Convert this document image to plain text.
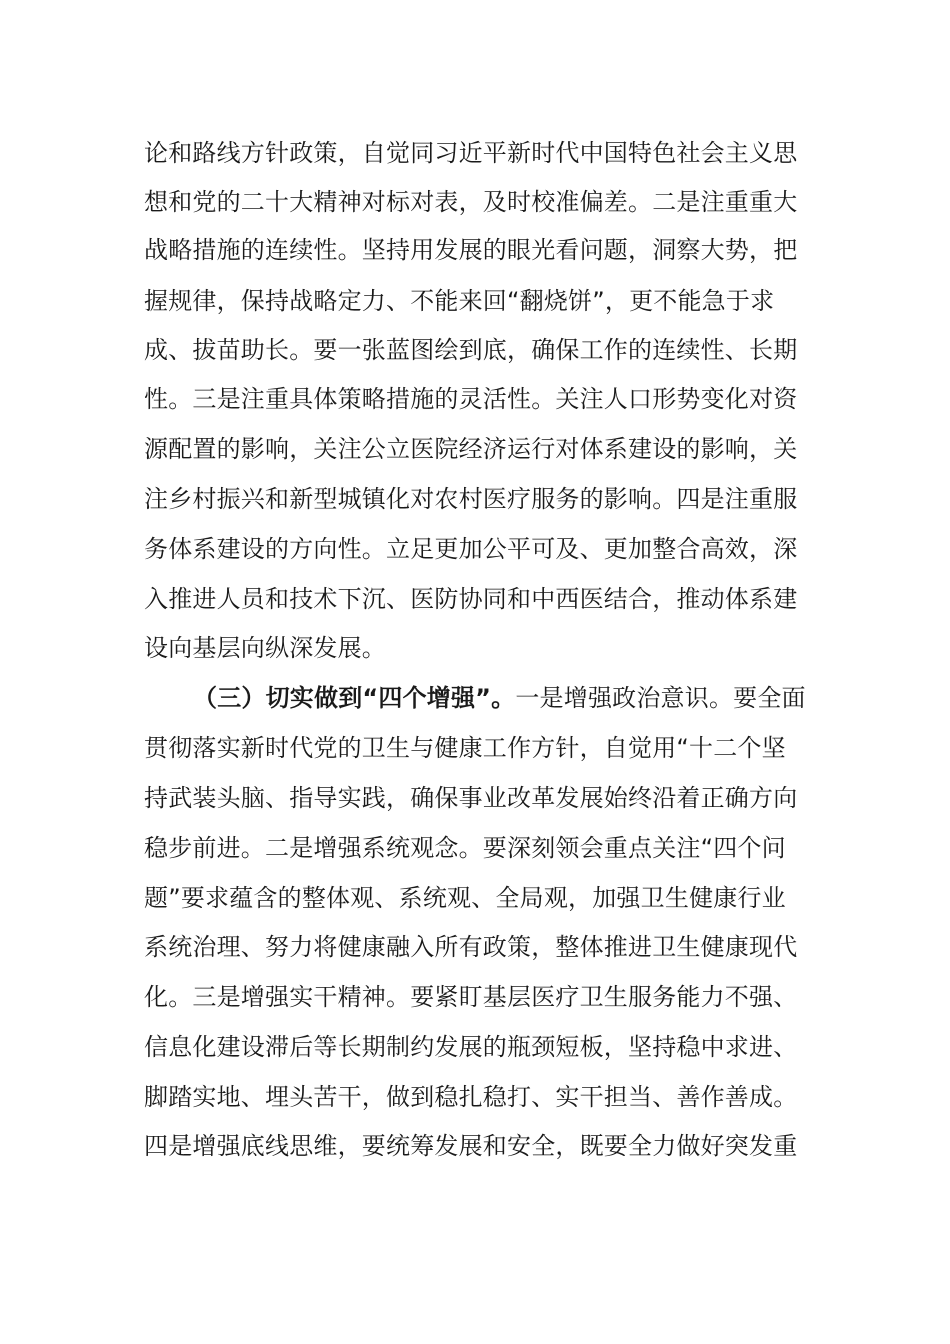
论和路线方针政策，自觉同习近平新时代中国特色社会主义思
想和党的二十大精神对标对表，及时校准偏差。二是注重重大
战略措施的连续性。坚持用发展的眼光看问题，洞察大势，把
握规律，保持战略定力、不能来回“翻烧饼”，更不能急于求
成、拔苗助长。要一张蓝图绘到底，确保工作的连续性、长期
性。三是注重具体策略措施的灵活性。关注人口形势变化对资
源配置的影响，关注公立医院经济运行对体系建设的影响，关
注乡村振兴和新型城镇化对农村医疗服务的影响。四是注重服
务体系建设的方向性。立足更加公平可及、更加整合高效，深
入推进人员和技术下沉、医防协同和中西医结合，推动体系建
设向基层向纵深发展。
（三）切实做到“四个增强”。一是增强政治意识。要全面
贯彻落实新时代党的卫生与健康工作方针，自觉用“十二个坚
持武装头脑、指导实践，确保事业改革发展始终沿着正确方向
稳步前进。二是增强系统观念。要深刻领会重点关注“四个问
题”要求蕴含的整体观、系统观、全局观，加强卫生健康行业
系统治理、努力将健康融入所有政策，整体推进卫生健康现代
化。三是增强实干精神。要紧盯基层医疗卫生服务能力不强、
信息化建设滞后等长期制约发展的瓶颈短板，坚持稳中求进、
脚踏实地、埋头苦干，做到稳扎稳打、实干担当、善作善成。
四是增强底线思维，要统筹发展和安全，既要全力做好突发重
